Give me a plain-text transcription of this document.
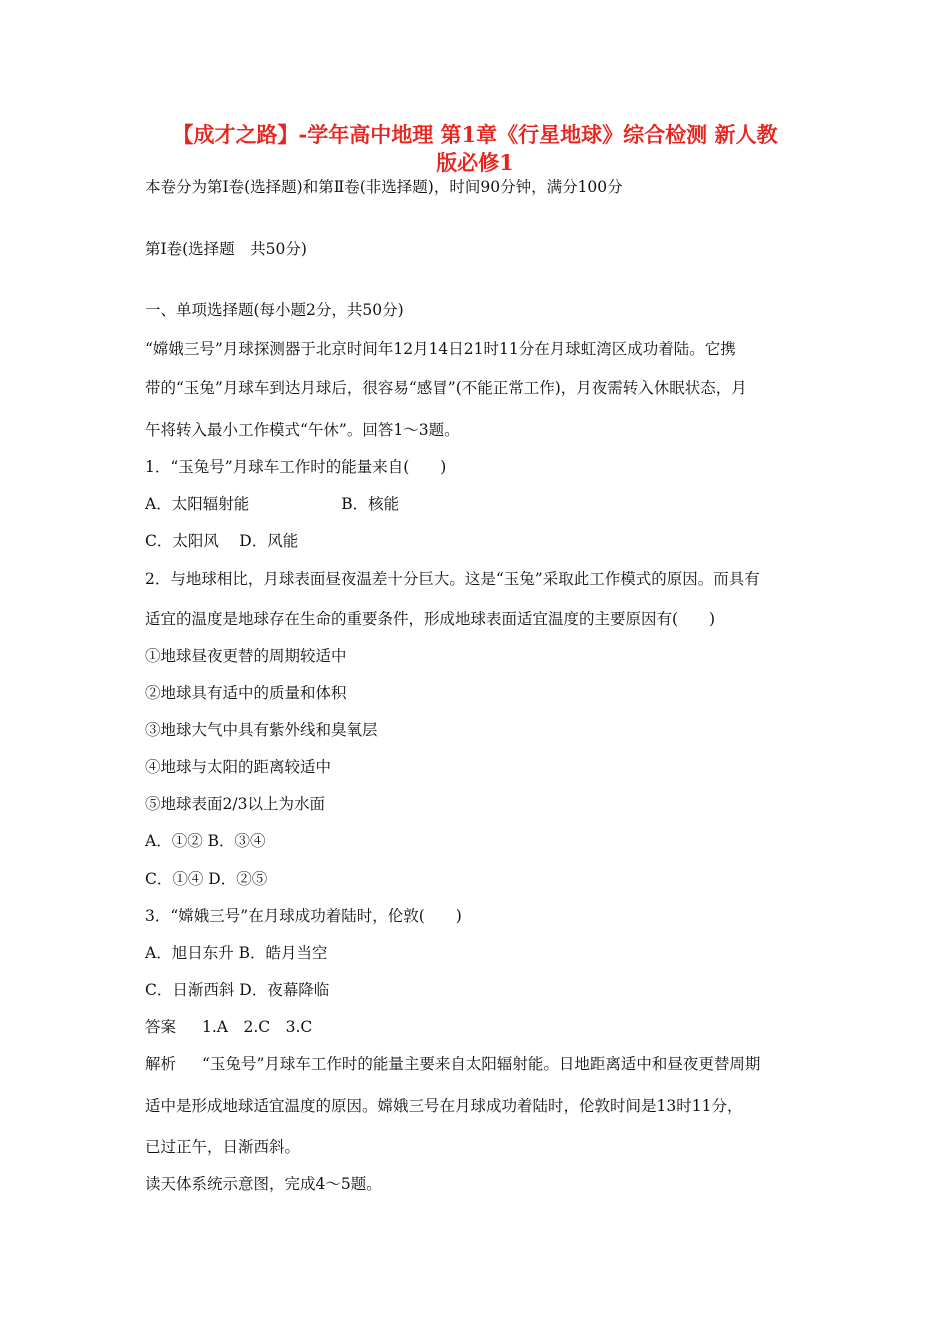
【成才之路】-学年高中地理 第1章《行星地球》综合检测 新人教
版必修1
本卷分为第Ⅰ卷(选择题)和第Ⅱ卷(非选择题)，时间90分钟，满分100分
第Ⅰ卷(选择题　共50分)
一、单项选择题(每小题2分，共50分)
“嫦娥三号”月球探测器于北京时间年12月14日21时11分在月球虹湾区成功着陆。它携
带的“玉兔”月球车到达月球后，很容易“感冒”(不能正常工作)，月夜需转入休眠状态，月
午将转入最小工作模式“午休”。回答1～3题。
1．“玉兔号”月球车工作时的能量来自(　　)
A．太阳辐射能	B．核能
C．太阳风　 D．风能
2．与地球相比，月球表面昼夜温差十分巨大。这是“玉兔”采取此工作模式的原因。而具有
适宜的温度是地球存在生命的重要条件，形成地球表面适宜温度的主要原因有(　　)
①地球昼夜更替的周期较适中
②地球具有适中的质量和体积
③地球大气中具有紫外线和臭氧层
④地球与太阳的距离较适中
⑤地球表面2/3以上为水面
A．①② B．③④
C．①④ D．②⑤
3．“嫦娥三号”在月球成功着陆时，伦敦(　　)
A．旭日东升 B．皓月当空
C．日渐西斜 D．夜幕降临
答案 1.A　2.C　3.C
解析 “玉兔号”月球车工作时的能量主要来自太阳辐射能。日地距离适中和昼夜更替周期
适中是形成地球适宜温度的原因。嫦娥三号在月球成功着陆时，伦敦时间是13时11分，
已过正午，日渐西斜。
读天体系统示意图，完成4～5题。
